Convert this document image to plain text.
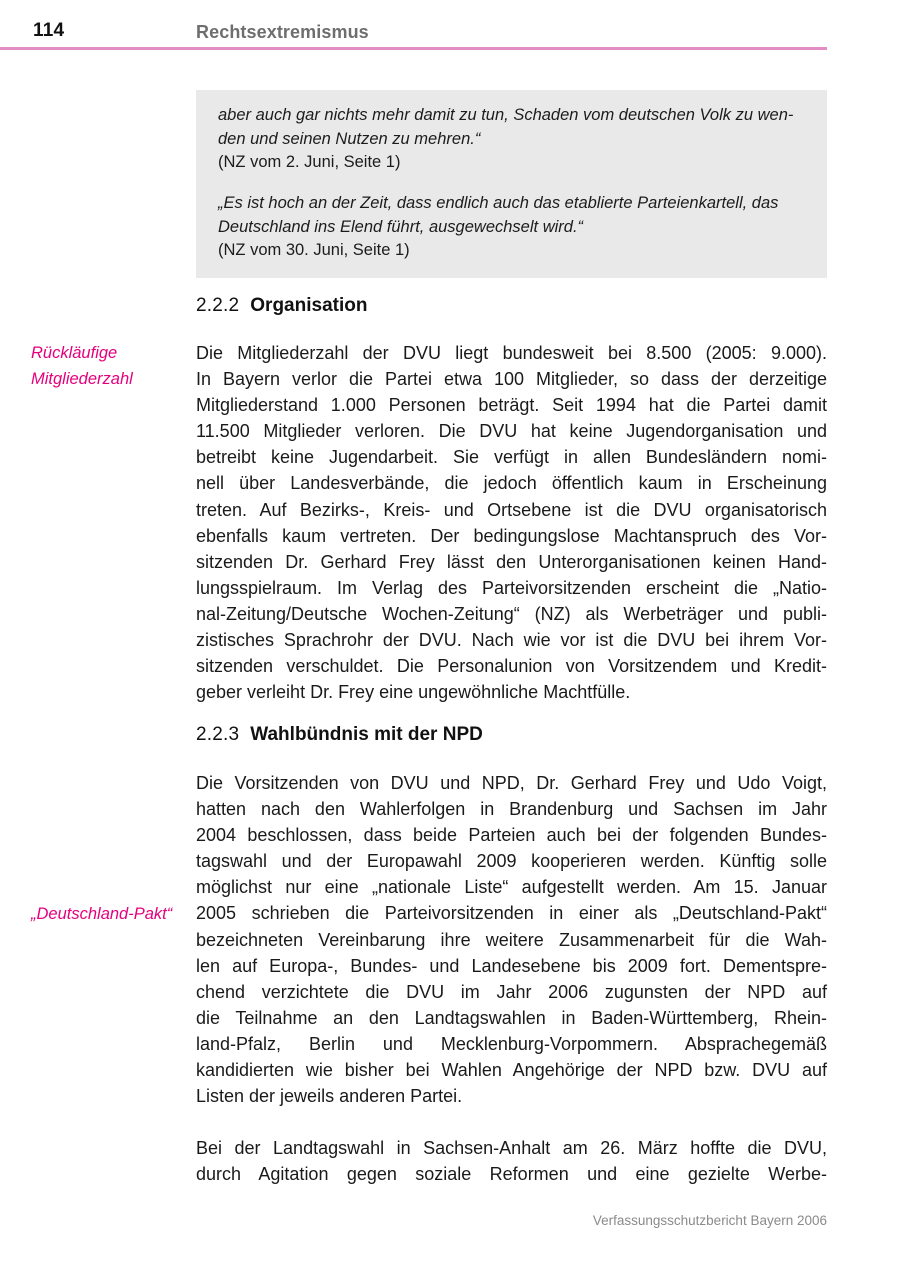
114	Rechtsextremismus

aber auch gar nichts mehr damit zu tun, Schaden vom deutschen Volk zu wen-

den und seinen Nutzen zu mehren.“

(NZ vom 2. Juni, Seite 1)

„Es ist hoch an der Zeit, dass endlich auch das etablierte Parteienkartell, das

Deutschland ins Elend führt, ausgewechselt wird.“

(NZ vom 30. Juni, Seite 1)

2.2.2 Organisation
Rückläufige
Mitgliederzahl
Die Mitgliederzahl der DVU liegt bundesweit bei 8.500 (2005: 9.000).
In Bayern verlor die Partei etwa 100 Mitglieder, so dass der derzeitige
Mitgliederstand 1.000 Personen beträgt. Seit 1994 hat die Partei damit
11.500 Mitglieder verloren. Die DVU hat keine Jugendorganisation und
betreibt keine Jugendarbeit. Sie verfügt in allen Bundesländern nomi-
nell über Landesverbände, die jedoch öffentlich kaum in Erscheinung
treten. Auf Bezirks-, Kreis- und Ortsebene ist die DVU organisatorisch
ebenfalls kaum vertreten. Der bedingungslose Machtanspruch des Vor-
sitzenden Dr. Gerhard Frey lässt den Unterorganisationen keinen Hand-
lungsspielraum. Im Verlag des Parteivorsitzenden erscheint die „Natio-
nal-Zeitung/Deutsche Wochen-Zeitung“ (NZ) als Werbeträger und publi-
zistisches Sprachrohr der DVU. Nach wie vor ist die DVU bei ihrem Vor-
sitzenden verschuldet. Die Personalunion von Vorsitzendem und Kredit-
geber verleiht Dr. Frey eine ungewöhnliche Machtfülle.
2.2.3 Wahlbündnis mit der NPD
„Deutschland-Pakt“
Die Vorsitzenden von DVU und NPD, Dr. Gerhard Frey und Udo Voigt,
hatten nach den Wahlerfolgen in Brandenburg und Sachsen im Jahr
2004 beschlossen, dass beide Parteien auch bei der folgenden Bundes-
tagswahl und der Europawahl 2009 kooperieren werden. Künftig solle
möglichst nur eine „nationale Liste“ aufgestellt werden. Am 15. Januar
2005 schrieben die Parteivorsitzenden in einer als „Deutschland-Pakt“
bezeichneten Vereinbarung ihre weitere Zusammenarbeit für die Wah-
len auf Europa-, Bundes- und Landesebene bis 2009 fort. Dementspre-
chend verzichtete die DVU im Jahr 2006 zugunsten der NPD auf
die Teilnahme an den Landtagswahlen in Baden-Württemberg, Rhein-
land-Pfalz, Berlin und Mecklenburg-Vorpommern. Absprachegemäß
kandidierten wie bisher bei Wahlen Angehörige der NPD bzw. DVU auf
Listen der jeweils anderen Partei.
Bei der Landtagswahl in Sachsen-Anhalt am 26. März hoffte die DVU,
durch Agitation gegen soziale Reformen und eine gezielte Werbe-
Verfassungsschutzbericht Bayern 2006
